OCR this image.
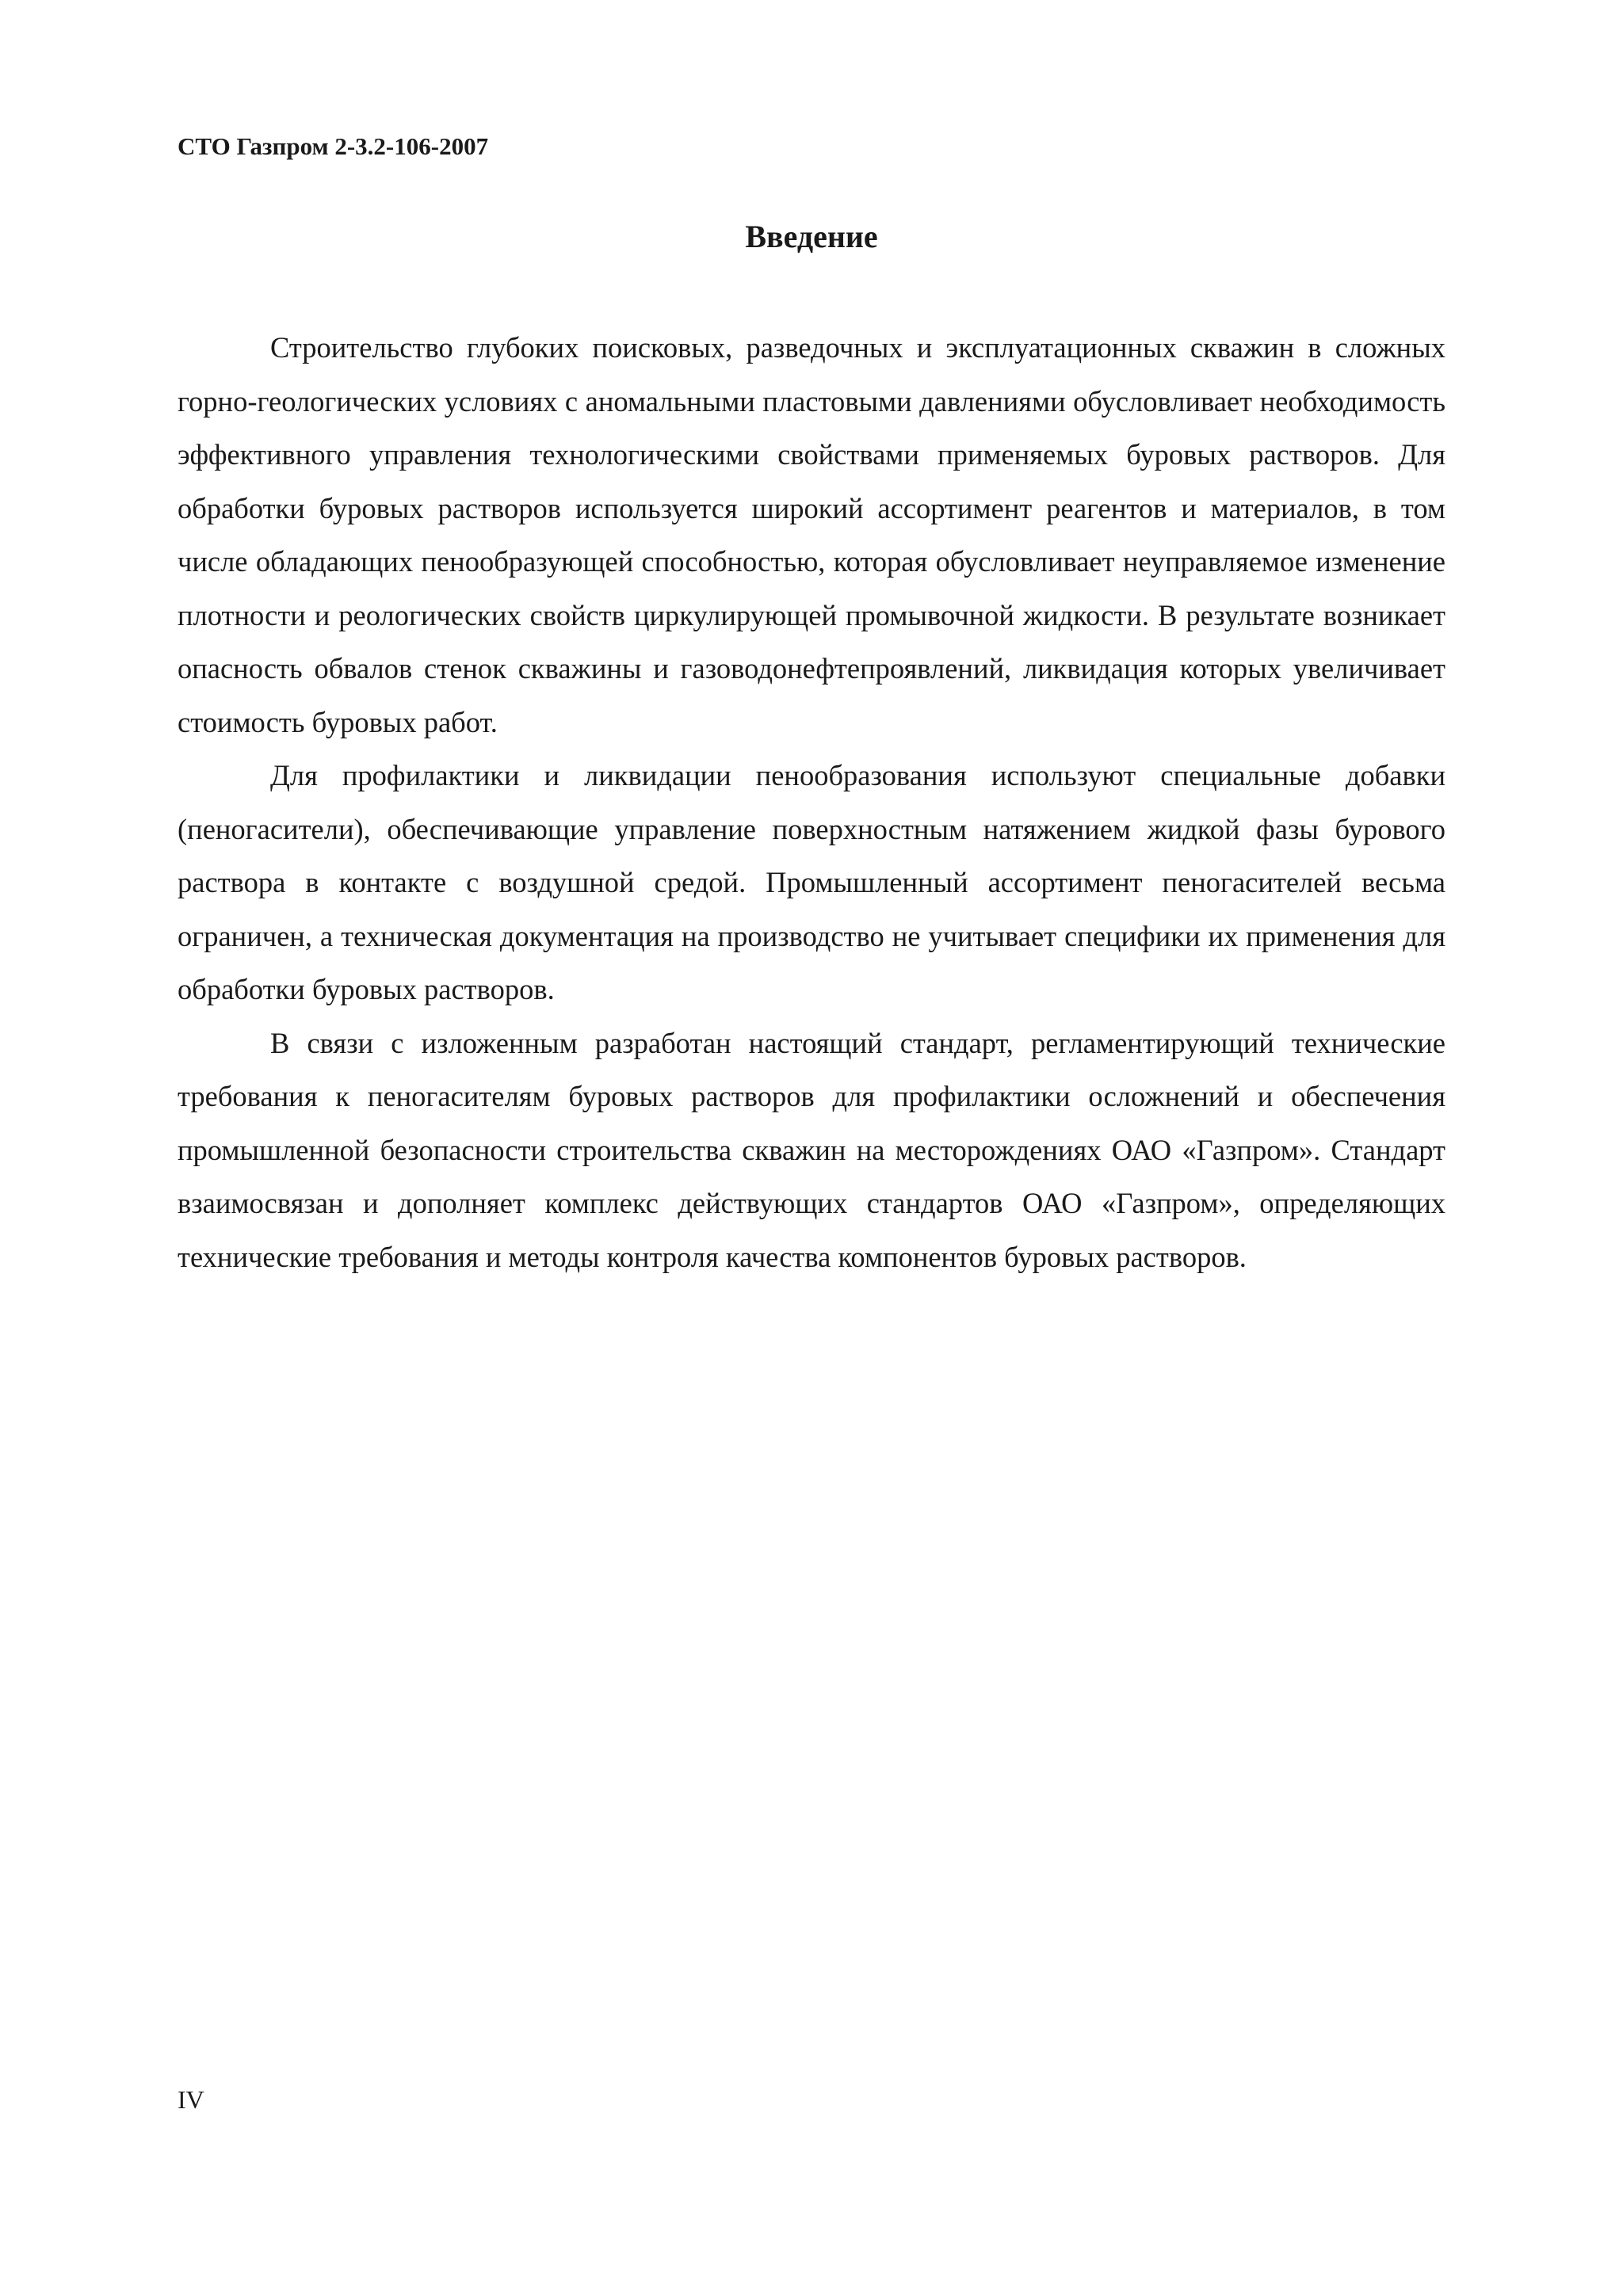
СТО Газпром 2-3.2-106-2007
Введение

Строительство глубоких поисковых, разведочных и эксплуатационных скважин в сложных горно-геологических условиях с аномальными пластовыми давлениями обусловливает необходимость эффективного управления технологическими свойствами применяемых буровых растворов. Для обработки буровых растворов используется широкий ассортимент реагентов и материалов, в том числе обладающих пенообразующей способностью, которая обусловливает неуправляемое изменение плотности и реологических свойств циркулирующей промывочной жидкости. В результате возникает опасность обвалов стенок скважины и газоводонефтепроявлений, ликвидация которых увеличивает стоимость буровых работ.

Для профилактики и ликвидации пенообразования используют специальные добавки (пеногасители), обеспечивающие управление поверхностным натяжением жидкой фазы бурового раствора в контакте с воздушной средой. Промышленный ассортимент пеногасителей весьма ограничен, а техническая документация на производство не учитывает специфики их применения для обработки буровых растворов.

В связи с изложенным разработан настоящий стандарт, регламентирующий технические требования к пеногасителям буровых растворов для профилактики осложнений и обеспечения промышленной безопасности строительства скважин на месторождениях ОАО «Газпром». Стандарт взаимосвязан и дополняет комплекс действующих стандартов ОАО «Газпром», определяющих технические требования и методы контроля качества компонентов буровых растворов.

IV
